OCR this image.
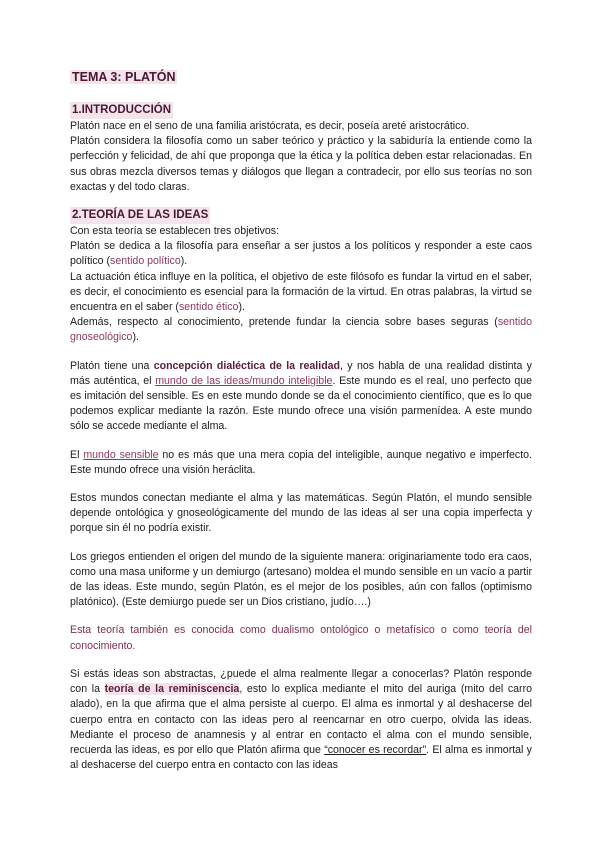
TEMA 3: PLATÓN
1.INTRODUCCIÓN

Platón nace en el seno de una familia aristócrata, es decir, poseía areté aristocrático.

Platón considera la filosofía como un saber teórico y práctico y la sabiduría la entiende como la perfección y felicidad, de ahí que proponga que la ética y la política deben estar relacionadas. En sus obras mezcla diversos temas y diálogos que llegan a contradecir, por ello sus teorías no son exactas y del todo claras.

2.TEORÍA DE LAS IDEAS

Con esta teoría se establecen tres objetivos:

Platón se dedica a la filosofía para enseñar a ser justos a los políticos y responder a este caos político (sentido político).

La actuación ética influye en la política, el objetivo de este filósofo es fundar la virtud en el saber, es decir, el conocimiento es esencial para la formación de la virtud. En otras palabras, la virtud se encuentra en el saber (sentido ético).

Además, respecto al conocimiento, pretende fundar la ciencia sobre bases seguras (sentido gnoseológico).

Platón tiene una concepción dialéctica de la realidad, y nos habla de una realidad distinta y más auténtica, el mundo de las ideas/mundo inteligible. Este mundo es el real, uno perfecto que es imitación del sensible. Es en este mundo donde se da el conocimiento científico, que es lo que podemos explicar mediante la razón. Este mundo ofrece una visión parmenídea. A este mundo sólo se accede mediante el alma.

El mundo sensible no es más que una mera copia del inteligible, aunque negativo e imperfecto. Este mundo ofrece una visión heráclita.

Estos mundos conectan mediante el alma y las matemáticas. Según Platón, el mundo sensible depende ontológica y gnoseológicamente del mundo de las ideas al ser una copia imperfecta y porque sin él no podría existir.

Los griegos entienden el origen del mundo de la siguiente manera: originariamente todo era caos, como una masa uniforme y un demiurgo (artesano) moldea el mundo sensible en un vacío a partir de las ideas. Este mundo, según Platón, es el mejor de los posibles, aún con fallos (optimismo platónico). (Este demiurgo puede ser un Dios cristiano, judío….)

Esta teoría también es conocida como dualismo ontológico o metafísico o como teoría del conocimiento.

Si estás ideas son abstractas, ¿puede el alma realmente llegar a conocerlas? Platón responde con la teoría de la reminiscencia, esto lo explica mediante el mito del auriga (mito del carro alado), en la que afirma que el alma persiste al cuerpo. El alma es inmortal y al deshacerse del cuerpo entra en contacto con las ideas pero al reencarnar en otro cuerpo, olvida las ideas. Mediante el proceso de anamnesis y al entrar en contacto el alma con el mundo sensible, recuerda las ideas, es por ello que Platón afirma que “conocer es recordar”. El alma es inmortal y al deshacerse del cuerpo entra en contacto con las ideas
